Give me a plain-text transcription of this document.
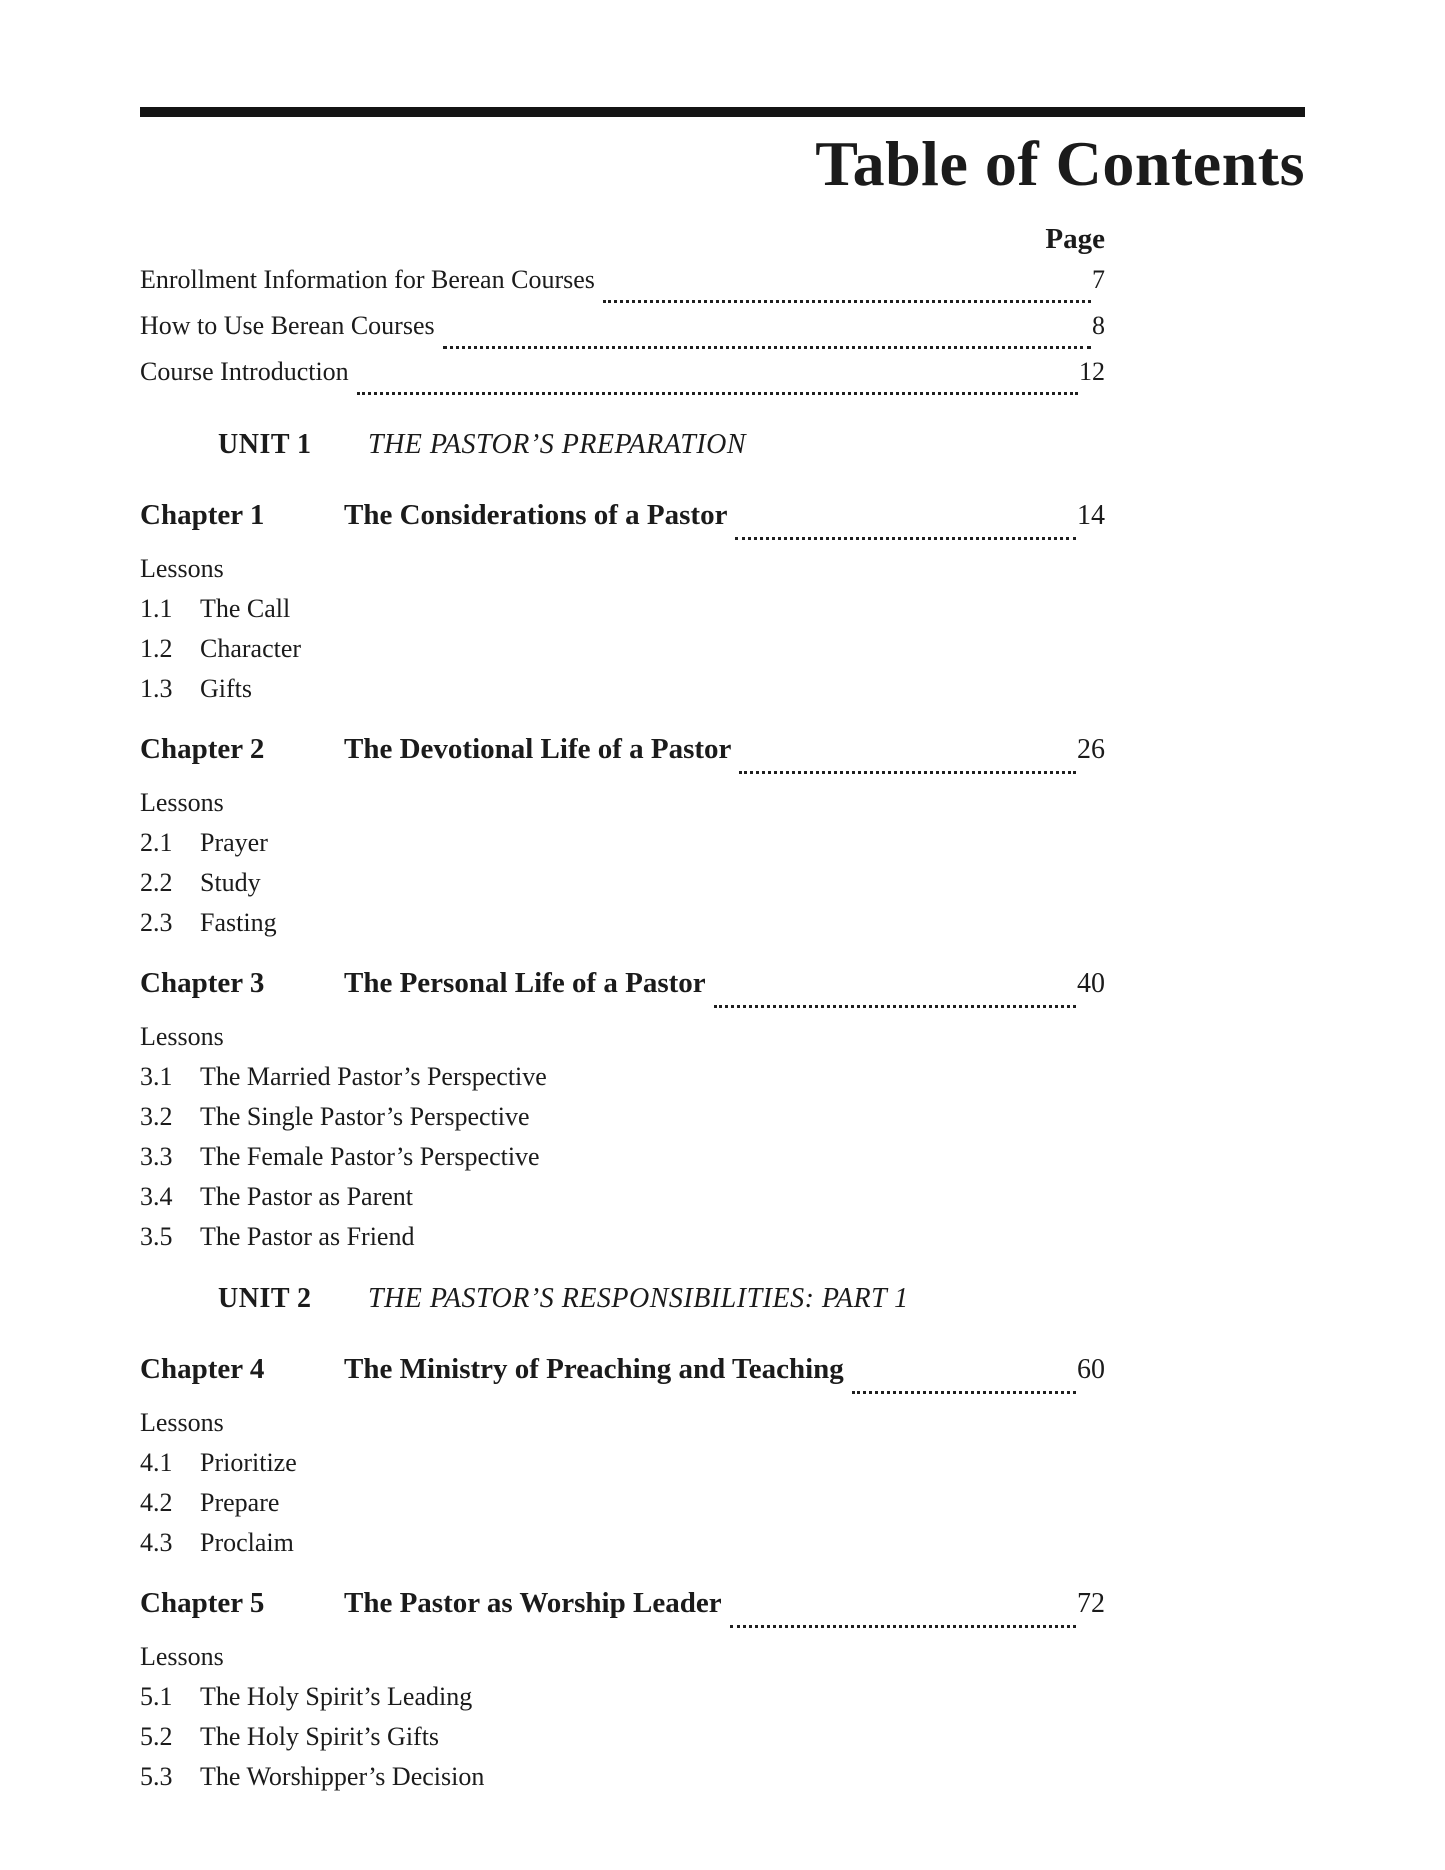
Table of Contents
Page
Enrollment Information for Berean Courses	7
How to Use Berean Courses	8
Course Introduction	12
UNIT 1	THE PASTOR’S PREPARATION
Chapter 1	The Considerations of a Pastor	14
Lessons
1.1	The Call
1.2	Character
1.3	Gifts
Chapter 2	The Devotional Life of a Pastor	26
Lessons
2.1	Prayer
2.2	Study
2.3	Fasting
Chapter 3	The Personal Life of a Pastor	40
Lessons
3.1	The Married Pastor’s Perspective
3.2	The Single Pastor’s Perspective
3.3	The Female Pastor’s Perspective
3.4	The Pastor as Parent
3.5	The Pastor as Friend
UNIT 2	THE PASTOR’S RESPONSIBILITIES: PART 1
Chapter 4	The Ministry of Preaching and Teaching	60
Lessons
4.1	Prioritize
4.2	Prepare
4.3	Proclaim
Chapter 5	The Pastor as Worship Leader	72
Lessons
5.1	The Holy Spirit’s Leading
5.2	The Holy Spirit’s Gifts
5.3	The Worshipper’s Decision
